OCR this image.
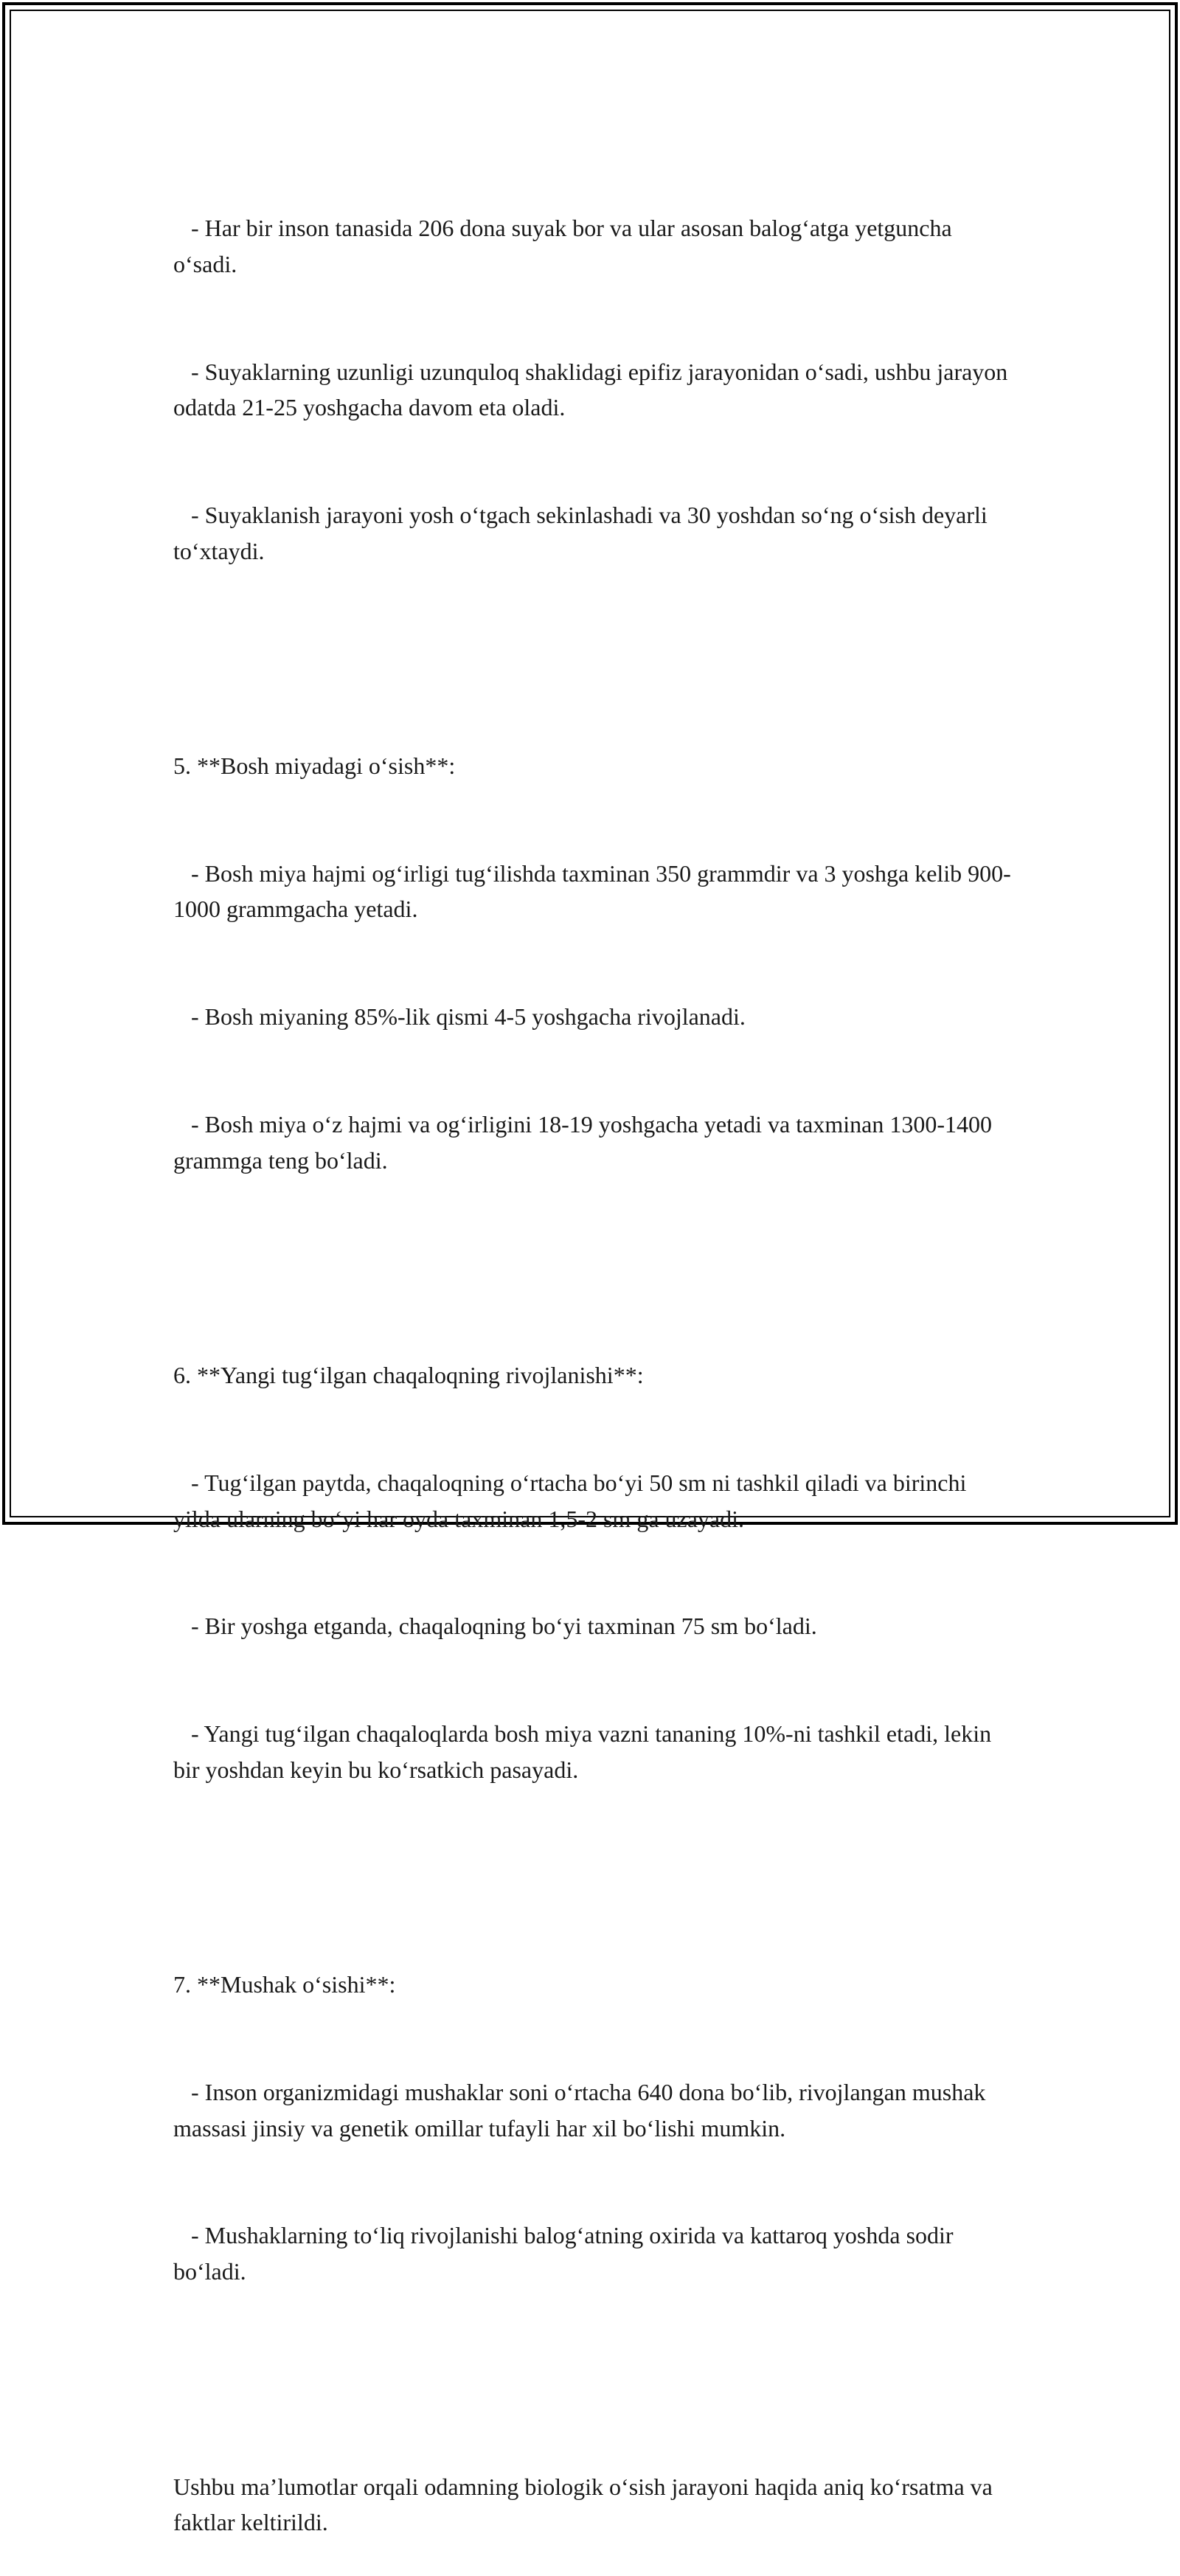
- Har bir inson tanasida 206 dona suyak bor va ular asosan balog‘atga yetguncha o‘sadi.

- Suyaklarning uzunligi uzunquloq shaklidagi epifiz jarayonidan o‘sadi, ushbu jarayon odatda 21-25 yoshgacha davom eta oladi.

- Suyaklanish jarayoni yosh o‘tgach sekinlashadi va 30 yoshdan so‘ng o‘sish deyarli to‘xtaydi.

5. **Bosh miyadagi o‘sish**:

- Bosh miya hajmi og‘irligi tug‘ilishda taxminan 350 grammdir va 3 yoshga kelib 900-1000 grammgacha yetadi.

- Bosh miyaning 85%-lik qismi 4-5 yoshgacha rivojlanadi.

- Bosh miya o‘z hajmi va og‘irligini 18-19 yoshgacha yetadi va taxminan 1300-1400 grammga teng bo‘ladi.

6. **Yangi tug‘ilgan chaqaloqning rivojlanishi**:

- Tug‘ilgan paytda, chaqaloqning o‘rtacha bo‘yi 50 sm ni tashkil qiladi va birinchi yilda ularning bo‘yi har oyda taxminan 1,5-2 sm ga uzayadi.

- Bir yoshga etganda, chaqaloqning bo‘yi taxminan 75 sm bo‘ladi.

- Yangi tug‘ilgan chaqaloqlarda bosh miya vazni tananing 10%-ni tashkil etadi, lekin bir yoshdan keyin bu ko‘rsatkich pasayadi.

7. **Mushak o‘sishi**:

- Inson organizmidagi mushaklar soni o‘rtacha 640 dona bo‘lib, rivojlangan mushak massasi jinsiy va genetik omillar tufayli har xil bo‘lishi mumkin.

- Mushaklarning to‘liq rivojlanishi balog‘atning oxirida va kattaroq yoshda sodir bo‘ladi.

Ushbu ma’lumotlar orqali odamning biologik o‘sish jarayoni haqida aniq ko‘rsatma va faktlar keltirildi.
